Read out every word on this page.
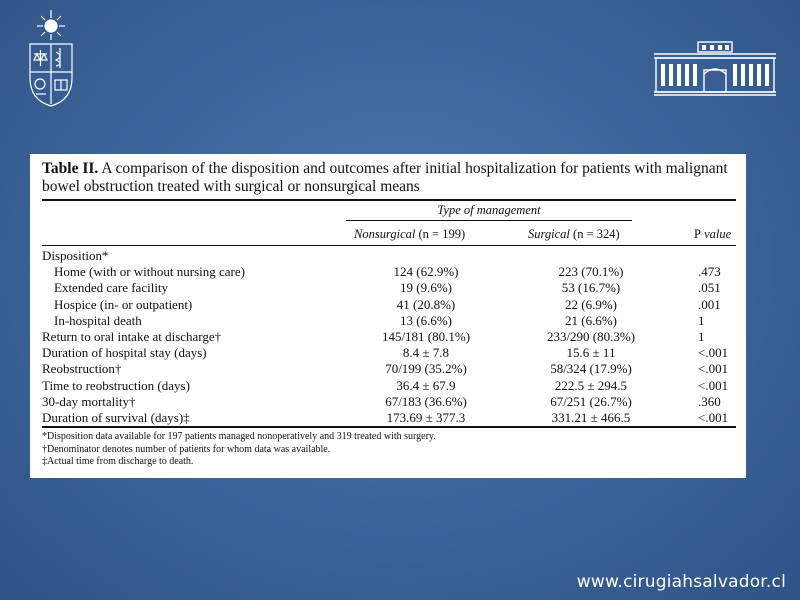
Table II. A comparison of the disposition and outcomes after initial hospitalization for patients with malignant bowel obstruction treated with surgical or nonsurgical means

Type of management
Nonsurgical (n = 199)	Surgical (n = 324)	P value
Disposition*
Home (with or without nursing care)	124 (62.9%)	223 (70.1%)	.473
Extended care facility	19 (9.6%)	53 (16.7%)	.051
Hospice (in- or outpatient)	41 (20.8%)	22 (6.9%)	.001
In-hospital death	13 (6.6%)	21 (6.6%)	1
Return to oral intake at discharge†	145/181 (80.1%)	233/290 (80.3%)	1
Duration of hospital stay (days)	8.4 ± 7.8	15.6 ± 11	<.001
Reobstruction†	70/199 (35.2%)	58/324 (17.9%)	<.001
Time to reobstruction (days)	36.4 ± 67.9	222.5 ± 294.5	<.001
30-day mortality†	67/183 (36.6%)	67/251 (26.7%)	.360
Duration of survival (days)‡	173.69 ± 377.3	331.21 ± 466.5	<.001
*Disposition data available for 197 patients managed nonoperatively and 319 treated with surgery.
†Denominator denotes number of patients for whom data was available.
‡Actual time from discharge to death.
www.cirugiahsalvador.cl
